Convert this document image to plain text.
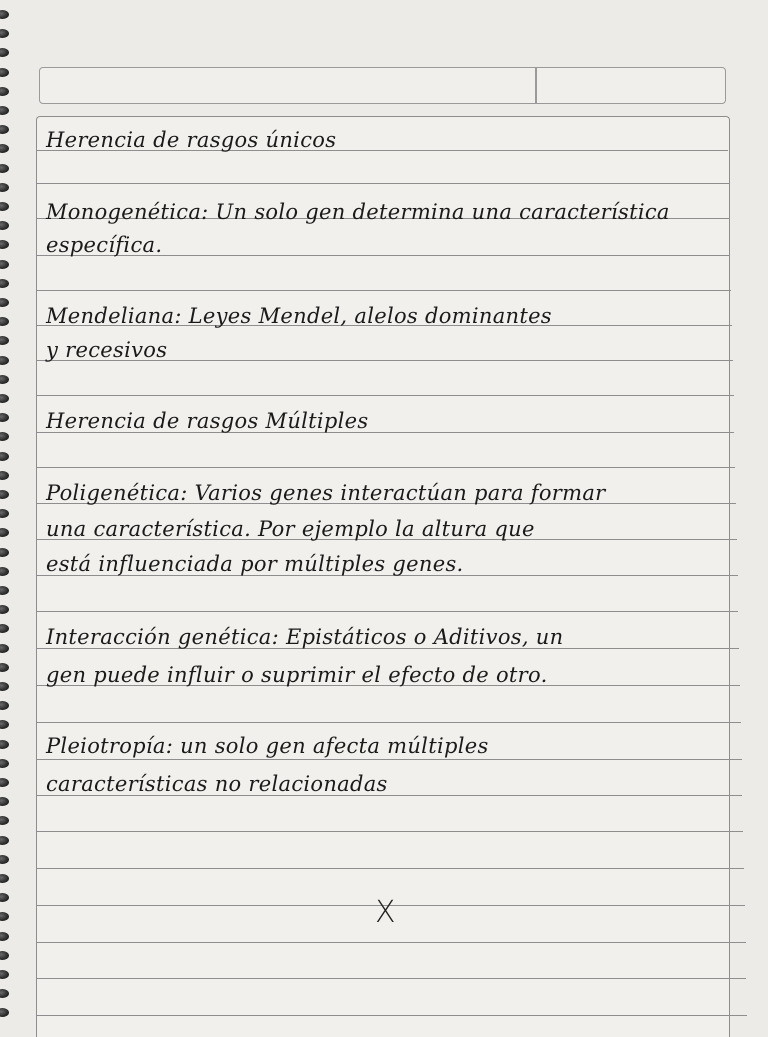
Herencia de rasgos únicos
Monogenética: Un solo gen determina una característica
específica.
Mendeliana: Leyes Mendel, alelos dominantes
y recesivos
Herencia de rasgos Múltiples
Poligenética: Varios genes interactúan para formar
una característica. Por ejemplo la altura que
está influenciada por múltiples genes.
Interacción genética: Epistáticos o Aditivos, un
gen puede influir o suprimir el efecto de otro.
Pleiotropía: un solo gen afecta múltiples
características no relacionadas
X
